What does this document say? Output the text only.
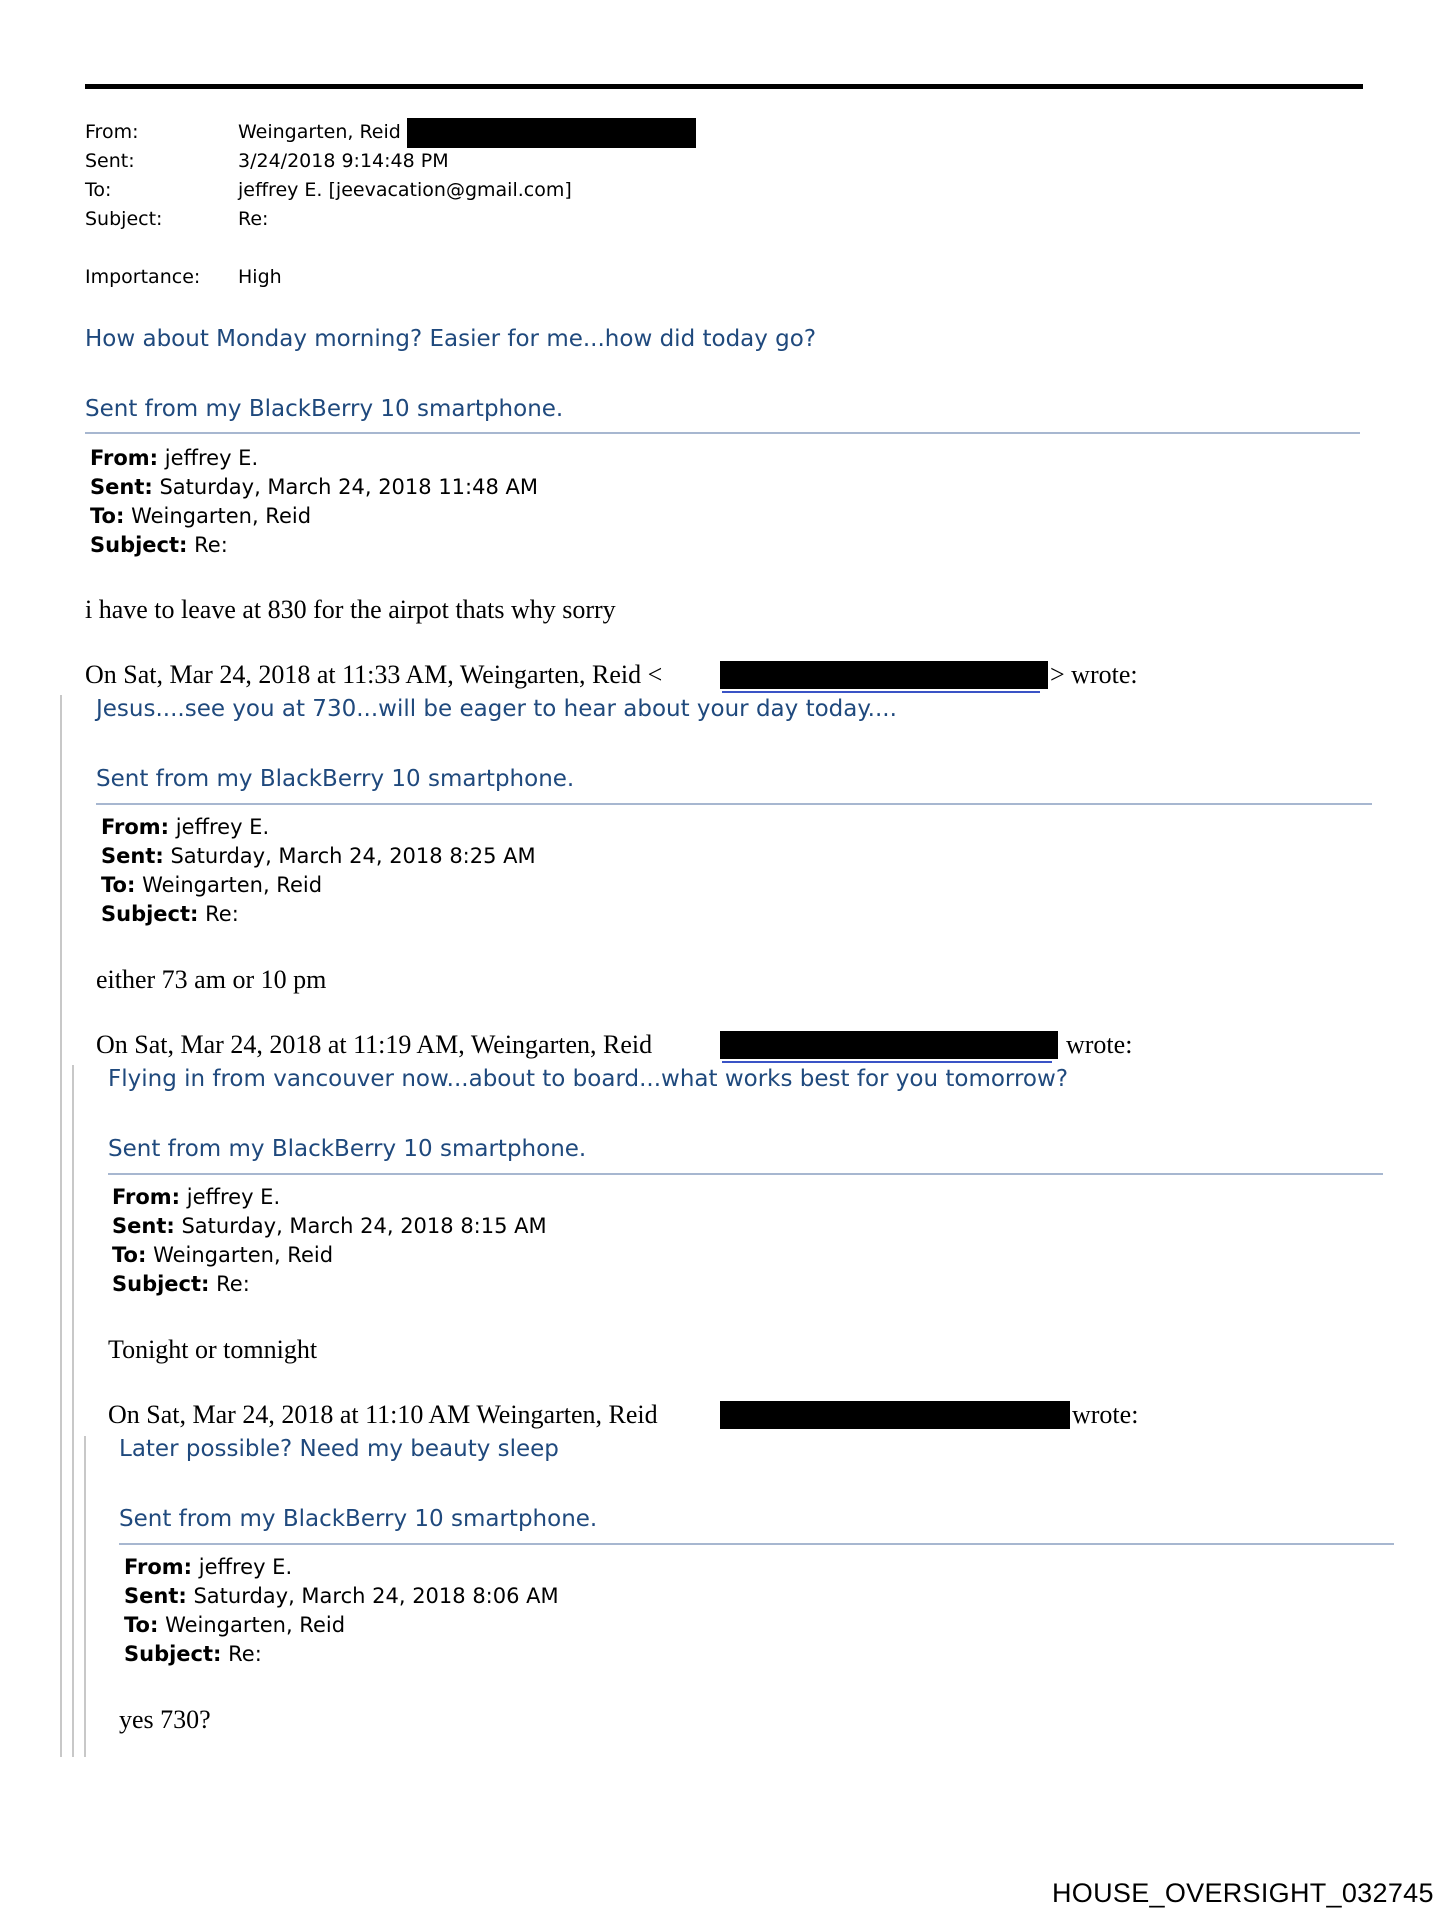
From:	Weingarten, Reid
Sent:	3/24/2018 9:14:48 PM
To:	jeffrey E. [jeevacation@gmail.com]
Subject:	Re:
Importance: High
How about Monday morning? Easier for me...how did today go?
Sent from my BlackBerry 10 smartphone.
From: jeffrey E.
Sent: Saturday, March 24, 2018 11:48 AM
To: Weingarten, Reid
Subject: Re:
i have to leave at 830 for the airpot thats why sorry
On Sat, Mar 24, 2018 at 11:33 AM, Weingarten, Reid <	> wrote:
Jesus....see you at 730...will be eager to hear about your day today....
Sent from my BlackBerry 10 smartphone.
From: jeffrey E.
Sent: Saturday, March 24, 2018 8:25 AM
To: Weingarten, Reid
Subject: Re:
either 73 am or 10 pm
On Sat, Mar 24, 2018 at 11:19 AM, Weingarten, Reid	wrote:
Flying in from vancouver now...about to board...what works best for you tomorrow?
Sent from my BlackBerry 10 smartphone.
From: jeffrey E.
Sent: Saturday, March 24, 2018 8:15 AM
To: Weingarten, Reid
Subject: Re:
Tonight or tomnight
On Sat, Mar 24, 2018 at 11:10 AM Weingarten, Reid	wrote:
Later possible? Need my beauty sleep
Sent from my BlackBerry 10 smartphone.
From: jeffrey E.
Sent: Saturday, March 24, 2018 8:06 AM
To: Weingarten, Reid
Subject: Re:
yes 730?
HOUSE_OVERSIGHT_032745
